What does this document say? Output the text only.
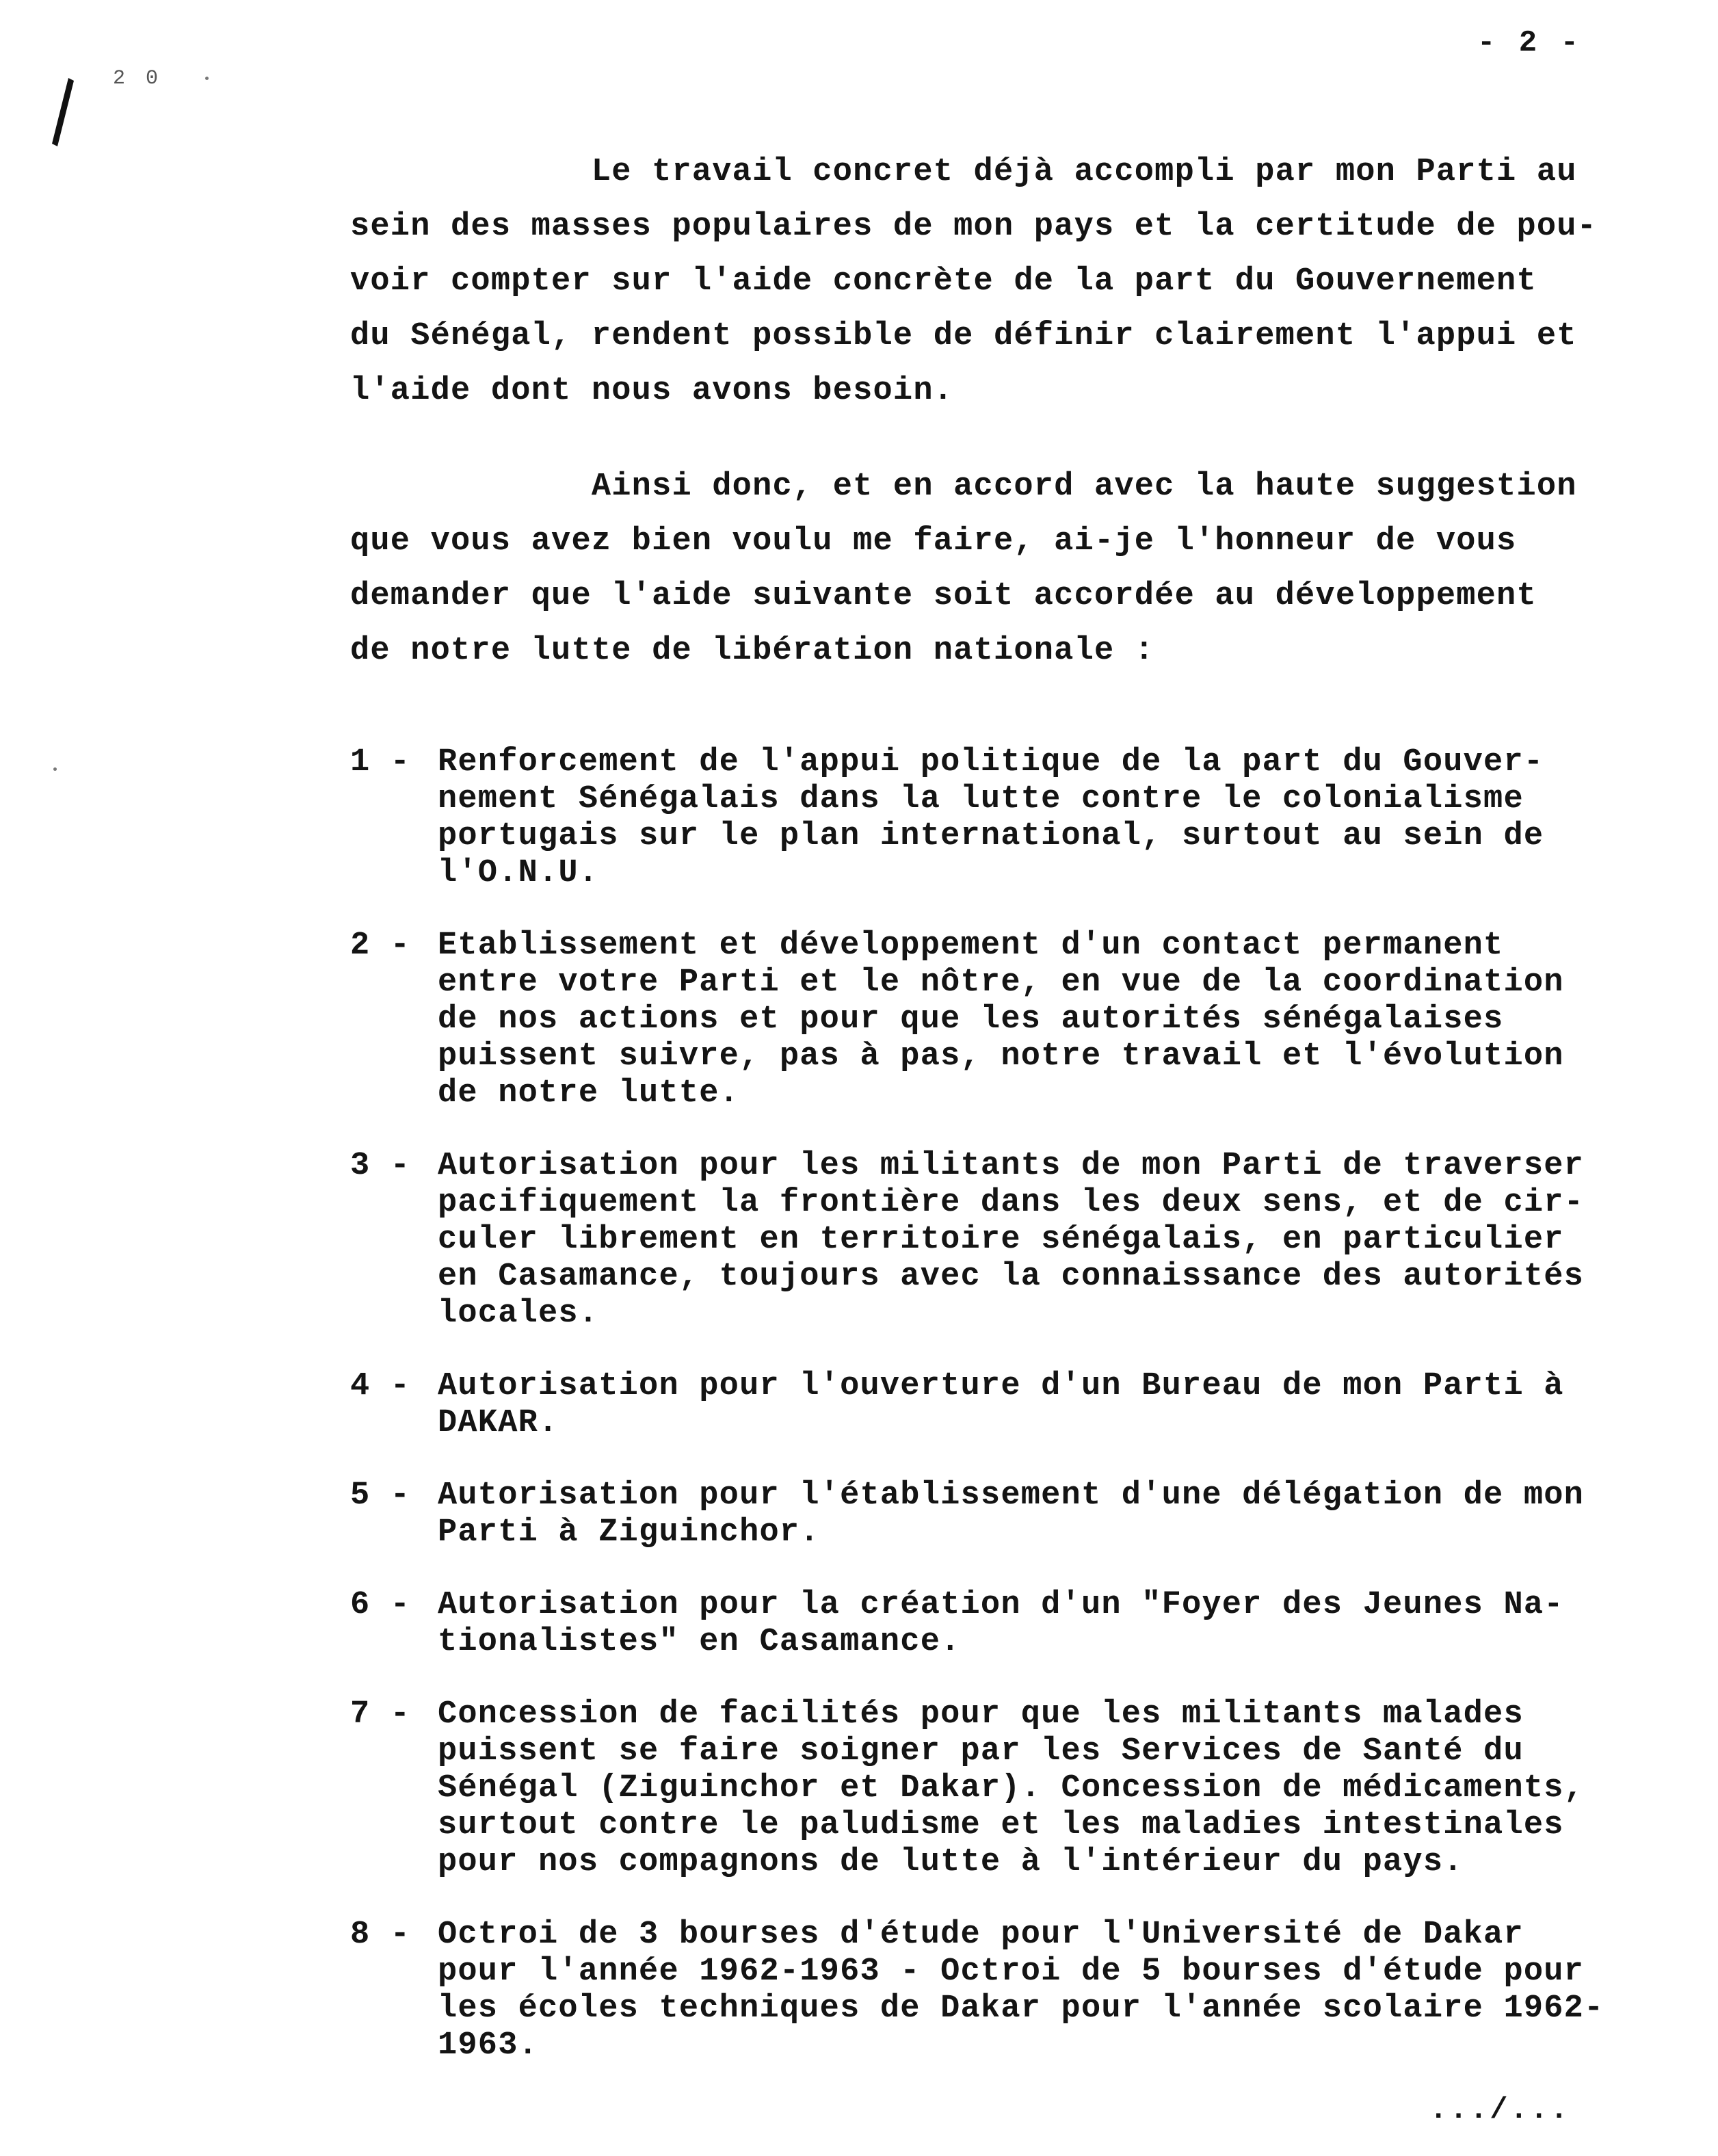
- 2 -
2 0
Le travail concret déjà accompli par mon Parti au
sein des masses populaires de mon pays et la certitude de pou-
voir compter sur l'aide concrète de la part du Gouvernement
du Sénégal, rendent possible de définir clairement l'appui et
l'aide dont nous avons besoin.
Ainsi donc, et en accord avec la haute suggestion
que vous avez bien voulu me faire, ai-je l'honneur de vous
demander que l'aide suivante soit accordée au développement
de notre lutte de libération nationale :
1 - Renforcement de l'appui politique de la part du Gouver-
nement Sénégalais dans la lutte contre le colonialisme
portugais sur le plan international, surtout au sein de
l'O.N.U.
2 - Etablissement et développement d'un contact permanent
entre votre Parti et le nôtre, en vue de la coordination
de nos actions et pour que les autorités sénégalaises
puissent suivre, pas à pas, notre travail et l'évolution
de notre lutte.
3 - Autorisation pour les militants de mon Parti de traverser
pacifiquement la frontière dans les deux sens, et de cir-
culer librement en territoire sénégalais, en particulier
en Casamance, toujours avec la connaissance des autorités
locales.
4 - Autorisation pour l'ouverture d'un Bureau de mon Parti à
DAKAR.
5 - Autorisation pour l'établissement d'une délégation de mon
Parti à Ziguinchor.
6 - Autorisation pour la création d'un "Foyer des Jeunes Na-
tionalistes" en Casamance.
7 - Concession de facilités pour que les militants malades
puissent se faire soigner par les Services de Santé du
Sénégal (Ziguinchor et Dakar). Concession de médicaments,
surtout contre le paludisme et les maladies intestinales
pour nos compagnons de lutte à l'intérieur du pays.
8 - Octroi de 3 bourses d'étude pour l'Université de Dakar
pour l'année 1962-1963 - Octroi de 5 bourses d'étude pour
les écoles techniques de Dakar pour l'année scolaire 1962-
1963.
.../...
